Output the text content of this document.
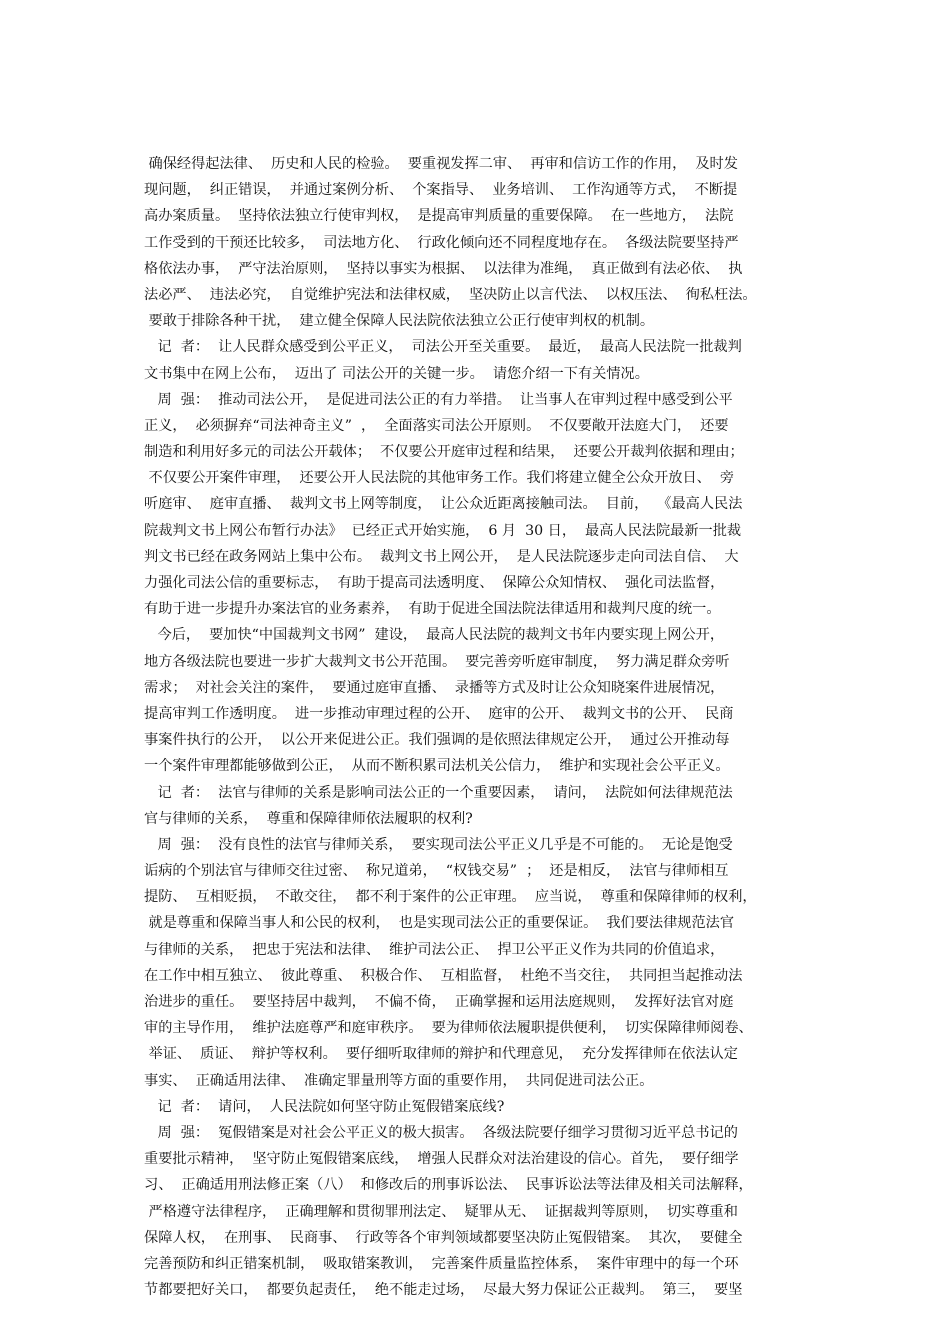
确保经得起法律、  历史和人民的检验。  要重视发挥二审、  再审和信访工作的作用，  及时发
现问题，  纠正错误，  并通过案例分析、  个案指导、  业务培训、  工作沟通等方式，  不断提
高办案质量。  坚持依法独立行使审判权，  是提高审判质量的重要保障。  在一些地方，  法院
工作受到的干预还比较多，  司法地方化、  行政化倾向还不同程度地存在。  各级法院要坚持严
格依法办事，  严守法治原则，  坚持以事实为根据、  以法律为准绳，  真正做到有法必依、  执
法必严、  违法必究，  自觉维护宪法和法律权威，  坚决防止以言代法、  以权压法、  徇私枉法。
要敢于排除各种干扰，  建立健全保障人民法院依法独立公正行使审判权的机制。
记  者：  让人民群众感受到公平正义，  司法公开至关重要。  最近，  最高人民法院一批裁判
文书集中在网上公布，  迈出了 司法公开的关键一步。  请您介绍一下有关情况。
周  强：  推动司法公开，  是促进司法公正的有力举措。  让当事人在审判过程中感受到公平
正义，  必须摒弃“司法神奇主义”  ，  全面落实司法公开原则。  不仅要敞开法庭大门，  还要
制造和利用好多元的司法公开载体；  不仅要公开庭审过程和结果，  还要公开裁判依据和理由；
不仅要公开案件审理，  还要公开人民法院的其他审务工作。我们将建立健全公众开放日、  旁
听庭审、  庭审直播、  裁判文书上网等制度，  让公众近距离接触司法。  目前，  《最高人民法
院裁判文书上网公布暂行办法》  已经正式开始实施，  6 月  30 日，  最高人民法院最新一批裁
判文书已经在政务网站上集中公布。  裁判文书上网公开，  是人民法院逐步走向司法自信、  大
力强化司法公信的重要标志，  有助于提高司法透明度、  保障公众知情权、  强化司法监督，
有助于进一步提升办案法官的业务素养，  有助于促进全国法院法律适用和裁判尺度的统一。
今后，  要加快“中国裁判文书网”  建设，  最高人民法院的裁判文书年内要实现上网公开，
地方各级法院也要进一步扩大裁判文书公开范围。  要完善旁听庭审制度，  努力满足群众旁听
需求；  对社会关注的案件，  要通过庭审直播、  录播等方式及时让公众知晓案件进展情况，
提高审判工作透明度。  进一步推动审理过程的公开、  庭审的公开、  裁判文书的公开、  民商
事案件执行的公开，  以公开来促进公正。我们强调的是依照法律规定公开，  通过公开推动每
一个案件审理都能够做到公正，  从而不断积累司法机关公信力，  维护和实现社会公平正义。
记  者：  法官与律师的关系是影响司法公正的一个重要因素，  请问，  法院如何法律规范法
官与律师的关系，  尊重和保障律师依法履职的权利?
周  强：  没有良性的法官与律师关系，  要实现司法公平正义几乎是不可能的。  无论是饱受
诟病的个别法官与律师交往过密、  称兄道弟，  “权钱交易”  ；  还是相反，  法官与律师相互
提防、  互相贬损，  不敢交往，  都不利于案件的公正审理。  应当说，  尊重和保障律师的权利，
就是尊重和保障当事人和公民的权利，  也是实现司法公正的重要保证。  我们要法律规范法官
与律师的关系，  把忠于宪法和法律、  维护司法公正、  捍卫公平正义作为共同的价值追求，
在工作中相互独立、  彼此尊重、  积极合作、  互相监督，  杜绝不当交往，  共同担当起推动法
治进步的重任。  要坚持居中裁判，  不偏不倚，  正确掌握和运用法庭规则，  发挥好法官对庭
审的主导作用，  维护法庭尊严和庭审秩序。  要为律师依法履职提供便利，  切实保障律师阅卷、
举证、  质证、  辩护等权利。  要仔细听取律师的辩护和代理意见，  充分发挥律师在依法认定
事实、  正确适用法律、  准确定罪量刑等方面的重要作用，  共同促进司法公正。
记  者：  请问，  人民法院如何坚守防止冤假错案底线?
周  强：  冤假错案是对社会公平正义的极大损害。  各级法院要仔细学习贯彻习近平总书记的
重要批示精神，  坚守防止冤假错案底线，  增强人民群众对法治建设的信心。首先，  要仔细学
习、  正确适用刑法修正案（八）  和修改后的刑事诉讼法、  民事诉讼法等法律及相关司法解释，
严格遵守法律程序，  正确理解和贯彻罪刑法定、  疑罪从无、  证据裁判等原则，  切实尊重和
保障人权，  在刑事、  民商事、  行政等各个审判领域都要坚决防止冤假错案。  其次，  要健全
完善预防和纠正错案机制，  吸取错案教训，  完善案件质量监控体系，  案件审理中的每一个环
节都要把好关口，  都要负起责任，  绝不能走过场，  尽最大努力保证公正裁判。  第三，  要坚
